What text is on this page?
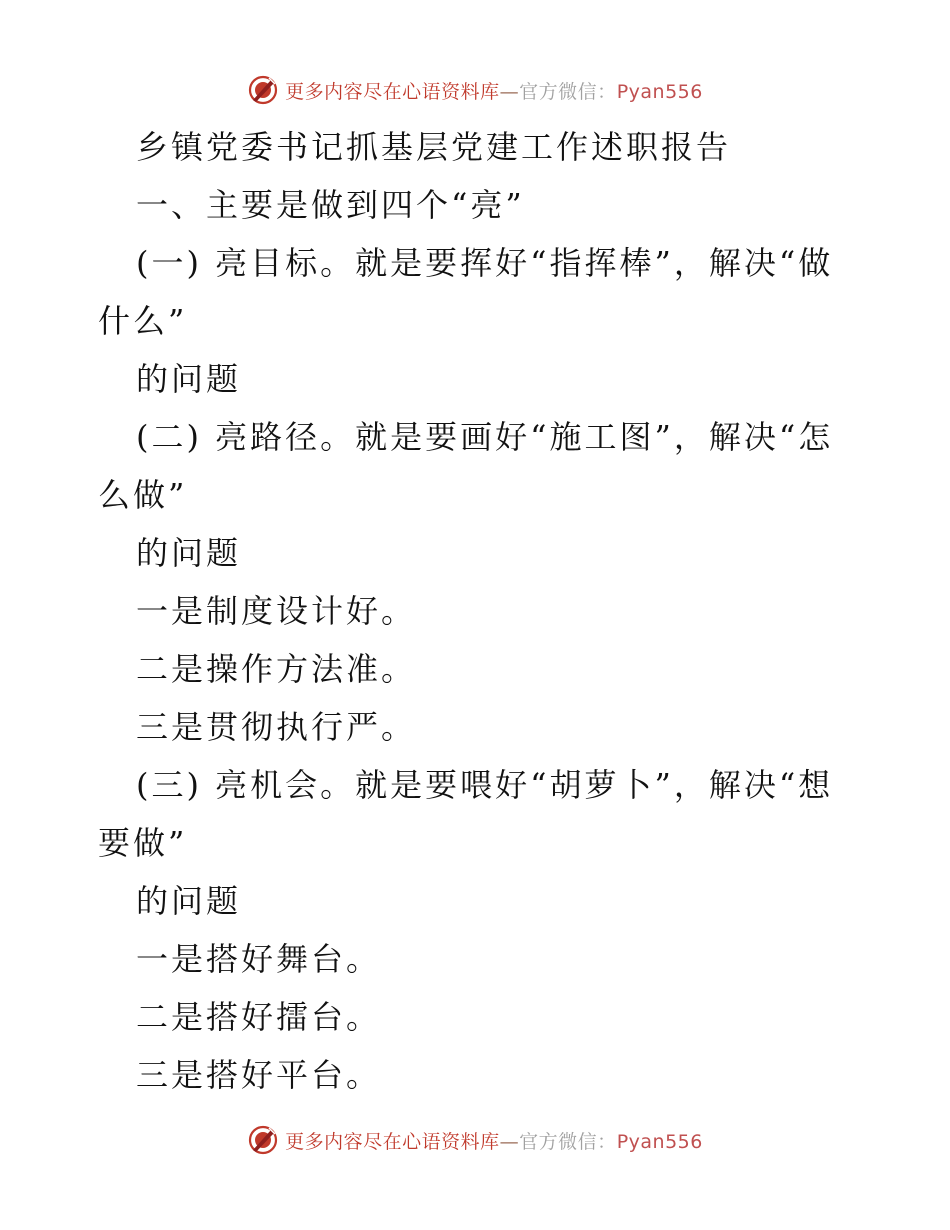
更多内容尽在心语资料库—官方微信：Pyan556
乡镇党委书记抓基层党建工作述职报告
一、主要是做到四个“亮”
(一) 亮目标。就是要挥好“指挥棒”，解决“做
什么”
的问题
(二) 亮路径。就是要画好“施工图”，解决“怎
么做”
的问题
一是制度设计好。
二是操作方法准。
三是贯彻执行严。
(三) 亮机会。就是要喂好“胡萝卜”，解决“想
要做”
的问题
一是搭好舞台。
二是搭好擂台。
三是搭好平台。
更多内容尽在心语资料库—官方微信：Pyan556
